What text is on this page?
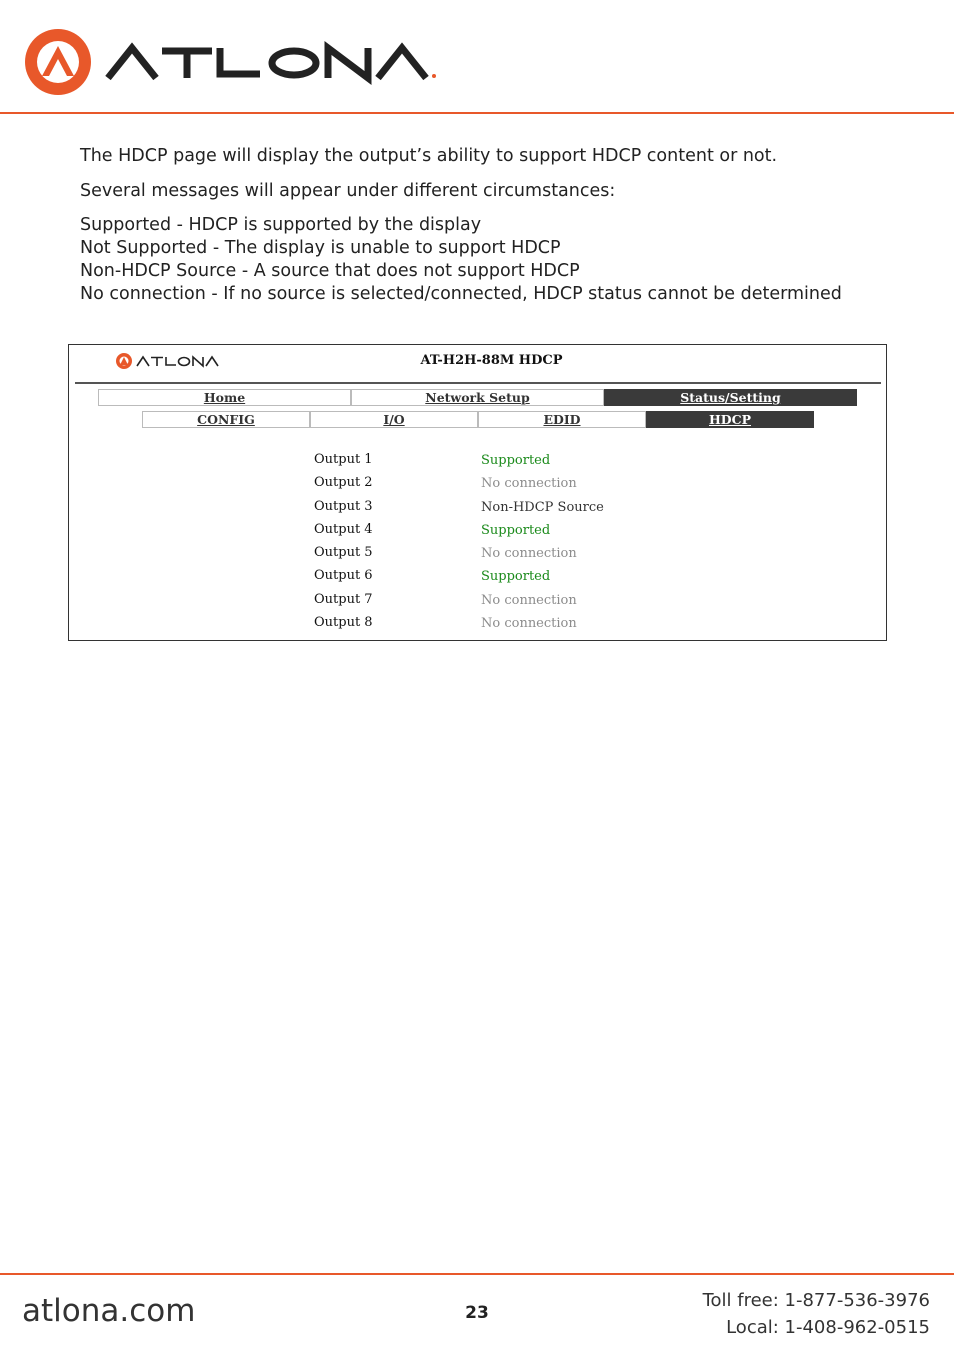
The HDCP page will display the output’s ability to support HDCP content or not.

Several messages will appear under different circumstances:

Supported - HDCP is supported by the display

Not Supported - The display is unable to support HDCP

Non-HDCP Source - A source that does not support HDCP

No connection - If no source is selected/connected, HDCP status cannot be determined

AT-H2H-88M HDCP
Home	Network Setup	Status/Setting
CONFIG	I/O	EDID	HDCP
Output 1	Supported
Output 2	No connection
Output 3	Non-HDCP Source
Output 4	Supported
Output 5	No connection
Output 6	Supported
Output 7	No connection
Output 8	No connection
atlona.com	23
Toll free: 1-877-536-3976
Local: 1-408-962-0515
